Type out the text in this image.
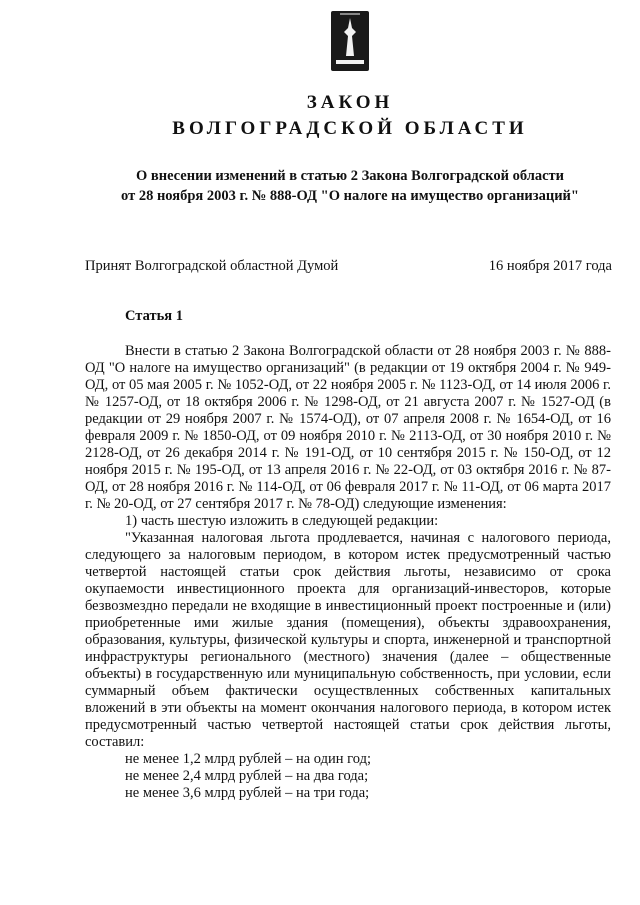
ЗАКОН
ВОЛГОГРАДСКОЙ ОБЛАСТИ
О внесении изменений в статью 2 Закона Волгоградской области
от 28 ноября 2003 г. № 888-ОД "О налоге на имущество организаций"
Принят Волгоградской областной Думой	16 ноября 2017 года
Статья 1

Внести в статью 2 Закона Волгоградской области от 28 ноября 2003 г. № 888-ОД "О налоге на имущество организаций" (в редакции от 19 октября 2004 г. № 949-ОД, от 05 мая 2005 г. № 1052-ОД, от 22 ноября 2005 г. № 1123-ОД, от 14 июля 2006 г. № 1257-ОД, от 18 октября 2006 г. № 1298-ОД, от 21 августа 2007 г. № 1527-ОД (в редакции от 29 ноября 2007 г. № 1574-ОД), от 07 апреля 2008 г. № 1654-ОД, от 16 февраля 2009 г. № 1850-ОД, от 09 ноября 2010 г. № 2113-ОД, от 30 ноября 2010 г. № 2128-ОД, от 26 декабря 2014 г. № 191-ОД, от 10 сентября 2015 г. № 150-ОД, от 12 ноября 2015 г. № 195-ОД, от 13 апреля 2016 г. № 22-ОД, от 03 октября 2016 г. № 87-ОД, от 28 ноября 2016 г. № 114-ОД, от 06 февраля 2017 г. № 11-ОД, от 06 марта 2017 г. № 20-ОД, от 27 сентября 2017 г. № 78-ОД) следующие изменения:

1) часть шестую изложить в следующей редакции:

"Указанная налоговая льгота продлевается, начиная с налогового периода, следующего за налоговым периодом, в котором истек предусмотренный частью четвертой настоящей статьи срок действия льготы, независимо от срока окупаемости инвестиционного проекта для организаций-инвесторов, которые безвозмездно передали не входящие в инвестиционный проект построенные и (или) приобретенные ими жилые здания (помещения), объекты здравоохранения, образования, культуры, физической культуры и спорта, инженерной и транспортной инфраструктуры регионального (местного) значения (далее – общественные объекты) в государственную или муниципальную собственность, при условии, если суммарный объем фактически осуществленных собственных капитальных вложений в эти объекты на момент окончания налогового периода, в котором истек предусмотренный частью четвертой настоящей статьи срок действия льготы, составил:

не менее 1,2 млрд рублей – на один год;

не менее 2,4 млрд рублей – на два года;

не менее 3,6 млрд рублей – на три года;
